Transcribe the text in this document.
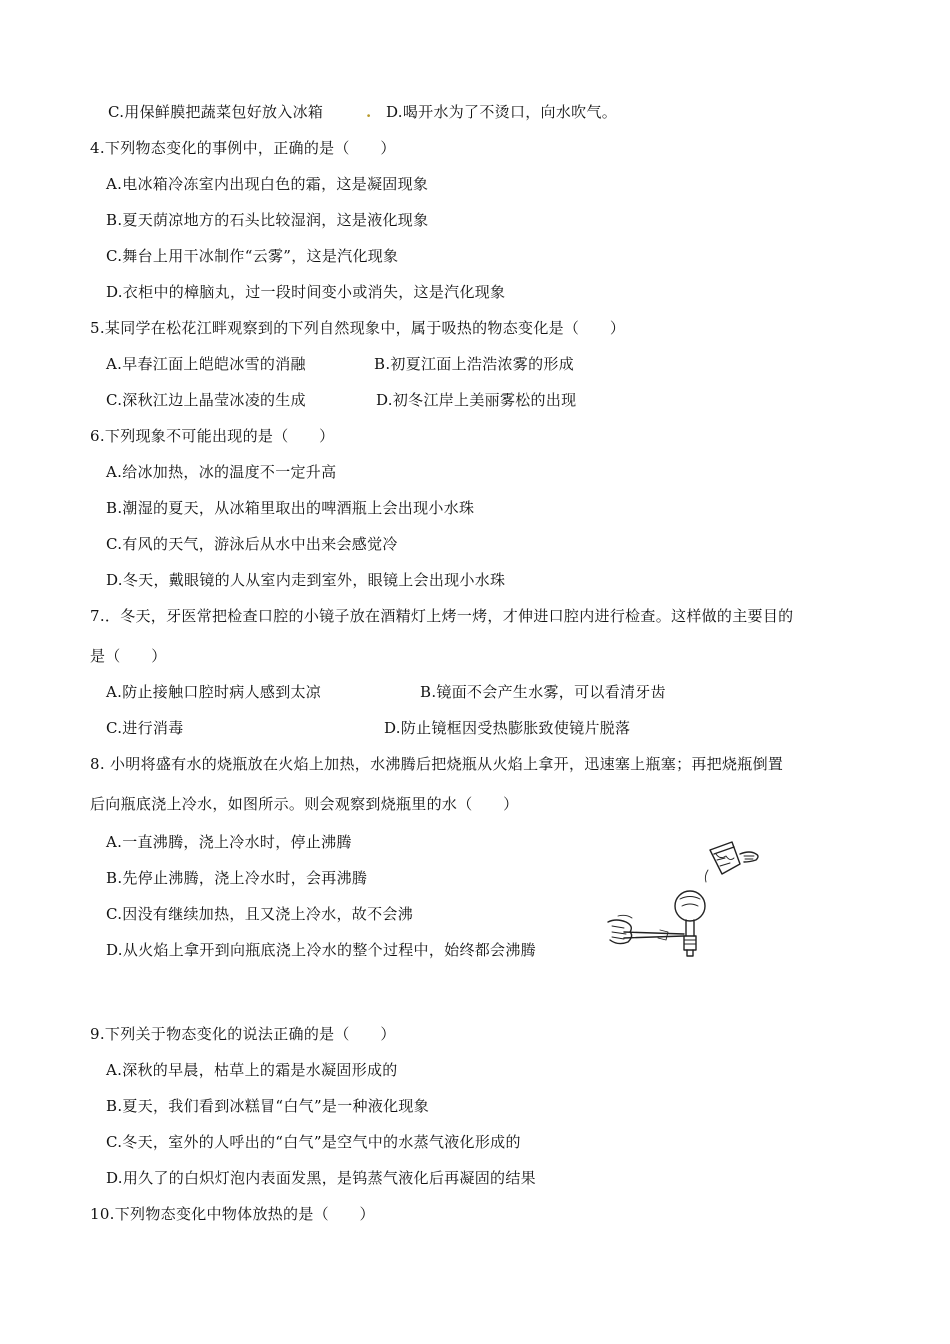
C.用保鲜膜把蔬菜包好放入冰箱	. D.喝开水为了不烫口，向水吹气。
4.下列物态变化的事例中，正确的是（　　）
A.电冰箱冷冻室内出现白色的霜，这是凝固现象
B.夏天荫凉地方的石头比较湿润，这是液化现象
C.舞台上用干冰制作“云雾”，这是汽化现象
D.衣柜中的樟脑丸，过一段时间变小或消失，这是汽化现象
5.某同学在松花江畔观察到的下列自然现象中，属于吸热的物态变化是（　　）
A.早春江面上皑皑冰雪的消融	B.初夏江面上浩浩浓雾的形成
C.深秋江边上晶莹冰凌的生成	D.初冬江岸上美丽雾松的出现
6.下列现象不可能出现的是（　　）
A.给冰加热，冰的温度不一定升高
B.潮湿的夏天，从冰箱里取出的啤酒瓶上会出现小水珠
C.有风的天气，游泳后从水中出来会感觉冷
D.冬天，戴眼镜的人从室内走到室外，眼镜上会出现小水珠
7.．冬天，牙医常把检查口腔的小镜子放在酒精灯上烤一烤，才伸进口腔内进行检查。这样做的主要目的
是（　　）
A.防止接触口腔时病人感到太凉	B.镜面不会产生水雾，可以看清牙齿
C.进行消毒	D.防止镜框因受热膨胀致使镜片脱落
8. 小明将盛有水的烧瓶放在火焰上加热，水沸腾后把烧瓶从火焰上拿开，迅速塞上瓶塞；再把烧瓶倒置
后向瓶底浇上冷水，如图所示。则会观察到烧瓶里的水（　　）
A.一直沸腾，浇上冷水时，停止沸腾
B.先停止沸腾，浇上冷水时，会再沸腾
C.因没有继续加热，且又浇上冷水，故不会沸
D.从火焰上拿开到向瓶底浇上冷水的整个过程中，始终都会沸腾
9.下列关于物态变化的说法正确的是（　　）
A.深秋的早晨，枯草上的霜是水凝固形成的
B.夏天，我们看到冰糕冒“白气”是一种液化现象
C.冬天，室外的人呼出的“白气”是空气中的水蒸气液化形成的
D.用久了的白炽灯泡内表面发黑，是钨蒸气液化后再凝固的结果
10.下列物态变化中物体放热的是（　　）
